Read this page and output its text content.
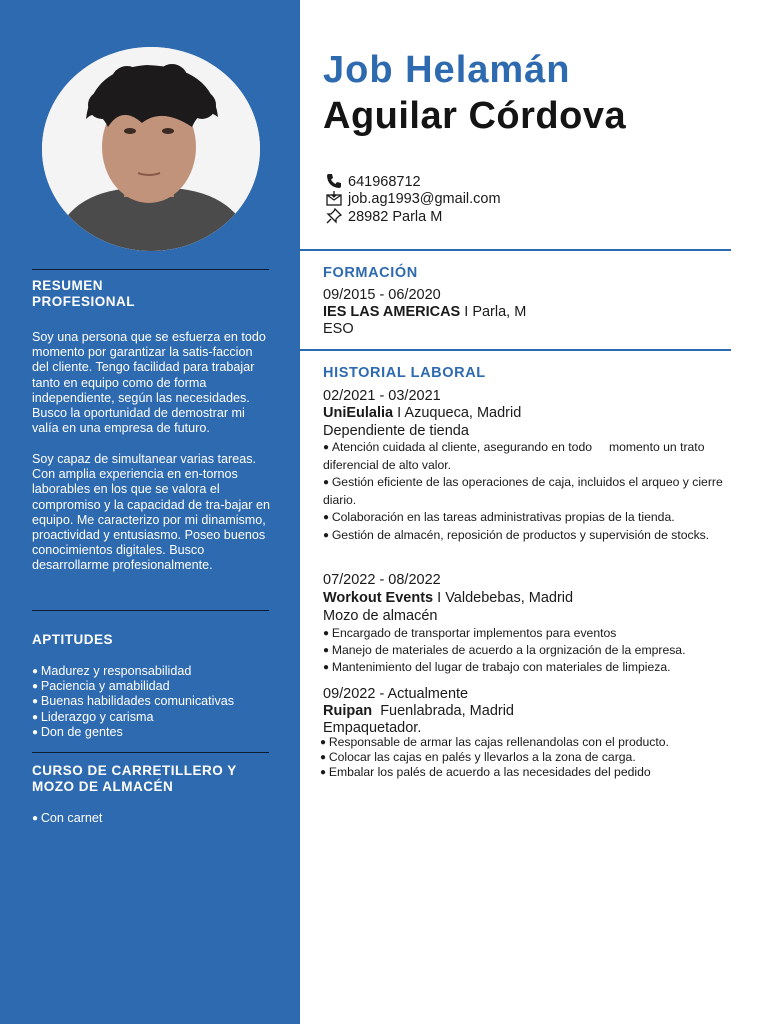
RESUMEN
PROFESIONAL
Soy una persona que se esfuerza en todo momento por garantizar la satis-faccion del cliente. Tengo facilidad para trabajar tanto en equipo como de forma independiente, según las necesidades. Busco la oportunidad de demostrar mi valía en una empresa de futuro.
Soy capaz de simultanear varias tareas. Con amplia experiencia en en-tornos laborables en los que se valora el compromiso y la capacidad de tra-bajar en equipo. Me caracterizo por mi dinamismo, proactividad y entusiasmo. Poseo buenos conocimientos digitales. Busco desarrollarme profesionalmente.
APTITUDES
● Madurez y responsabilidad
● Paciencia y amabilidad
● Buenas habilidades comunicativas
● Liderazgo y carisma
● Don de gentes
CURSO DE CARRETILLERO Y MOZO DE ALMACÉN
● Con carnet
Job Helamán
Aguilar Córdova
641968712
job.ag1993@gmail.com
28982 Parla M
FORMACIÓN
09/2015 - 06/2020
IES LAS AMERICAS I Parla, M
ESO
HISTORIAL LABORAL
02/2021 - 03/2021
UniEulalia I Azuqueca, Madrid
Dependiente de tienda
● Atención cuidada al cliente, asegurando en todo     momento un trato diferencial de alto valor.
● Gestión eficiente de las operaciones de caja, incluidos el arqueo y cierre diario.
● Colaboración en las tareas administrativas propias de la tienda.
● Gestión de almacén, reposición de productos y supervisión de stocks.
07/2022 - 08/2022
Workout Events I Valdebebas, Madrid
Mozo de almacén
● Encargado de transportar implementos para eventos
● Manejo de materiales de acuerdo a la orgnización de la empresa.
● Mantenimiento del lugar de trabajo con materiales de limpieza.
09/2022 - Actualmente
Ruipan  Fuenlabrada, Madrid
Empaquetador.
● Responsable de armar las cajas rellenandolas con el producto.
● Colocar las cajas en palés y llevarlos a la zona de carga.
● Embalar los palés de acuerdo a las necesidades del pedido
